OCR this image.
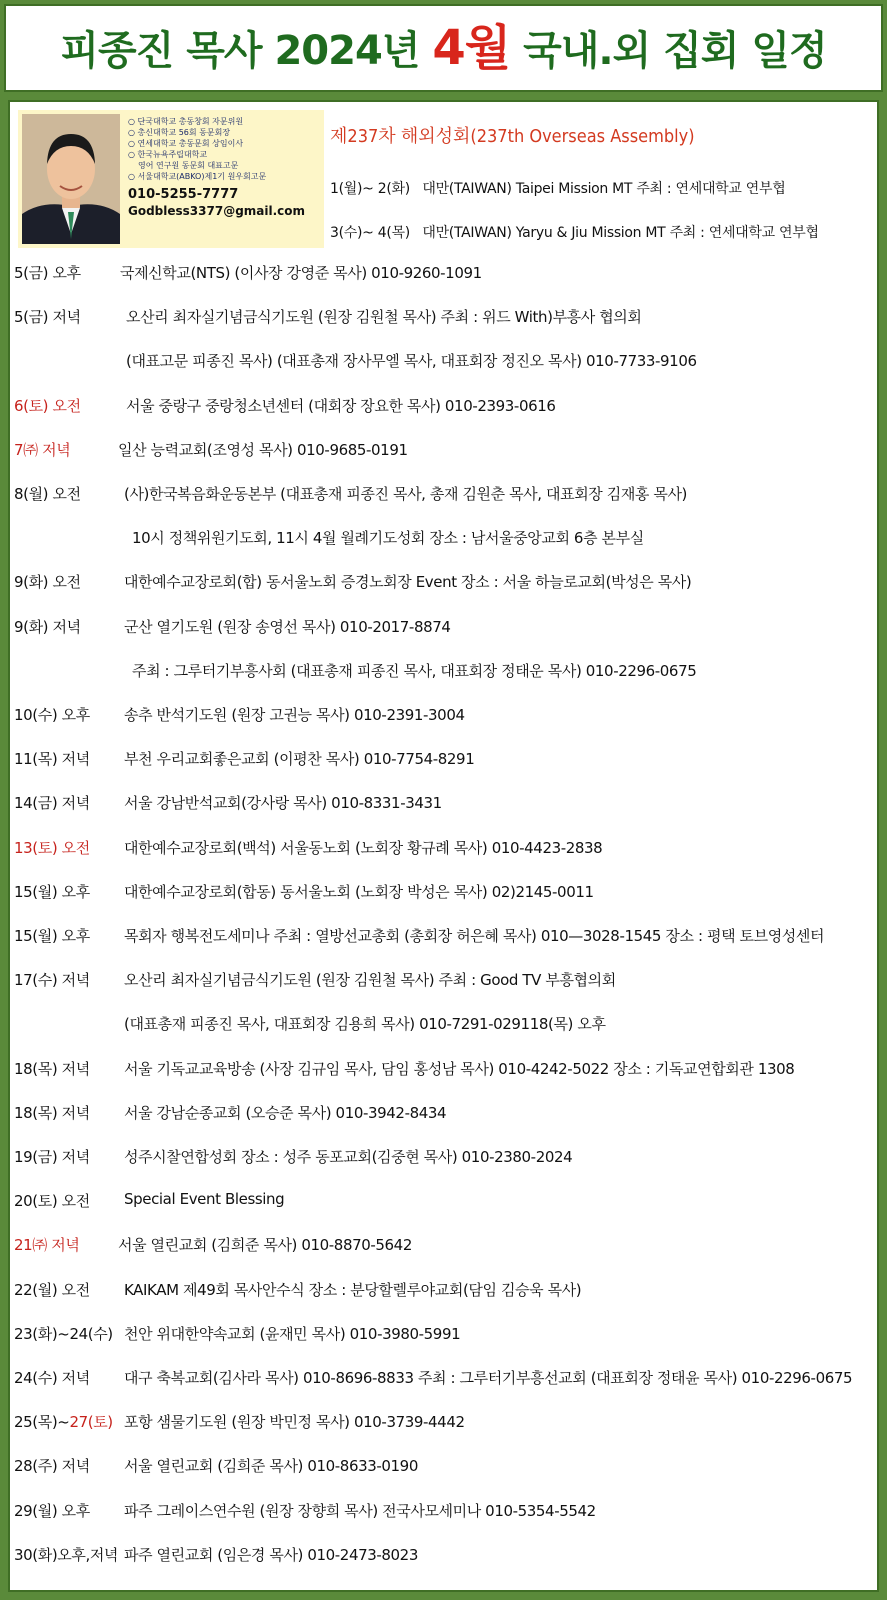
피종진 목사 2024년 4월 국내.외 집회 일정
○ 단국대학교 총동창회 자문위원
○ 총신대학교 56회 동문회장
○ 연세대학교 총동문회 상임이사
○ 한국뉴욕주립대학교
영어 연구원 동문회 대표고문
○ 서울대학교(ABKO)제1기 원우회고문
010-5255-7777
Godbless3377@gmail.com
제237차 해외성회(237th Overseas Assembly)
1(월)~ 2(화) 대만(TAIWAN) Taipei Mission MT 주최 : 연세대학교 연부협
3(수)~ 4(목) 대만(TAIWAN) Yaryu & Jiu Mission MT 주최 : 연세대학교 연부협
5(금) 오후	국제신학교(NTS) (이사장 강영준 목사) 010-9260-1091
5(금) 저녁	오산리 최자실기념금식기도원 (원장 김원철 목사) 주최 : 위드 With)부흥사 협의회
(대표고문 피종진 목사) (대표총재 장사무엘 목사, 대표회장 정진오 목사) 010-7733-9106
6(토) 오전	서울 중랑구 중랑청소년센터 (대회장 장요한 목사) 010-2393-0616
7㈜ 저녁	일산 능력교회(조영성 목사) 010-9685-0191
8(월) 오전	(사)한국복음화운동본부 (대표총재 피종진 목사, 총재 김원춘 목사, 대표회장 김재홍 목사)
10시 정책위원기도회, 11시 4월 월례기도성회 장소 : 남서울중앙교회 6층 본부실
9(화) 오전	대한예수교장로회(합) 동서울노회 증경노회장 Event 장소 : 서울 하늘로교회(박성은 목사)
9(화) 저녁	군산 열기도원 (원장 송영선 목사) 010-2017-8874
주최 : 그루터기부흥사회 (대표총재 피종진 목사, 대표회장 정태운 목사) 010-2296-0675
10(수) 오후 송추 반석기도원 (원장 고권능 목사) 010-2391-3004
11(목) 저녁 부천 우리교회좋은교회 (이평찬 목사) 010-7754-8291
14(금) 저녁 서울 강남반석교회(강사랑 목사) 010-8331-3431
13(토) 오전 대한예수교장로회(백석) 서울동노회 (노회장 황규례 목사) 010-4423-2838
15(월) 오후 대한예수교장로회(합동) 동서울노회 (노회장 박성은 목사) 02)2145-0011
15(월) 오후 목회자 행복전도세미나 주최 : 열방선교총회 (총회장 허은혜 목사) 010—3028-1545 장소 : 평택 토브영성센터
17(수) 저녁 오산리 최자실기념금식기도원 (원장 김원철 목사) 주최 : Good TV 부흥협의회
(대표총재 피종진 목사, 대표회장 김용희 목사) 010-7291-029118(목) 오후
18(목) 저녁 서울 기독교교육방송 (사장 김규임 목사, 담임 홍성남 목사) 010-4242-5022 장소 : 기독교연합회관 1308
18(목) 저녁 서울 강남순종교회 (오승준 목사) 010-3942-8434
19(금) 저녁 성주시찰연합성회 장소 : 성주 동포교회(김중현 목사) 010-2380-2024
20(토) 오전 Special Event Blessing
21㈜ 저녁	서울 열린교회 (김희준 목사) 010-8870-5642
22(월) 오전 KAIKAM 제49회 목사안수식 장소 : 분당할렐루야교회(담임 김승욱 목사)
23(화)~24(수) 천안 위대한약속교회 (윤재민 목사) 010-3980-5991
24(수) 저녁 대구 축복교회(김사라 목사) 010-8696-8833 주최 : 그루터기부흥선교회 (대표회장 정태윤 목사) 010-2296-0675
25(목)~27(토) 포항 샘물기도원 (원장 박민정 목사) 010-3739-4442
28(주) 저녁 서울 열린교회 (김희준 목사) 010-8633-0190
29(월) 오후 파주 그레이스연수원 (원장 장향희 목사) 전국사모세미나 010-5354-5542
30(화)오후,저녁 파주 열린교회 (임은경 목사) 010-2473-8023
